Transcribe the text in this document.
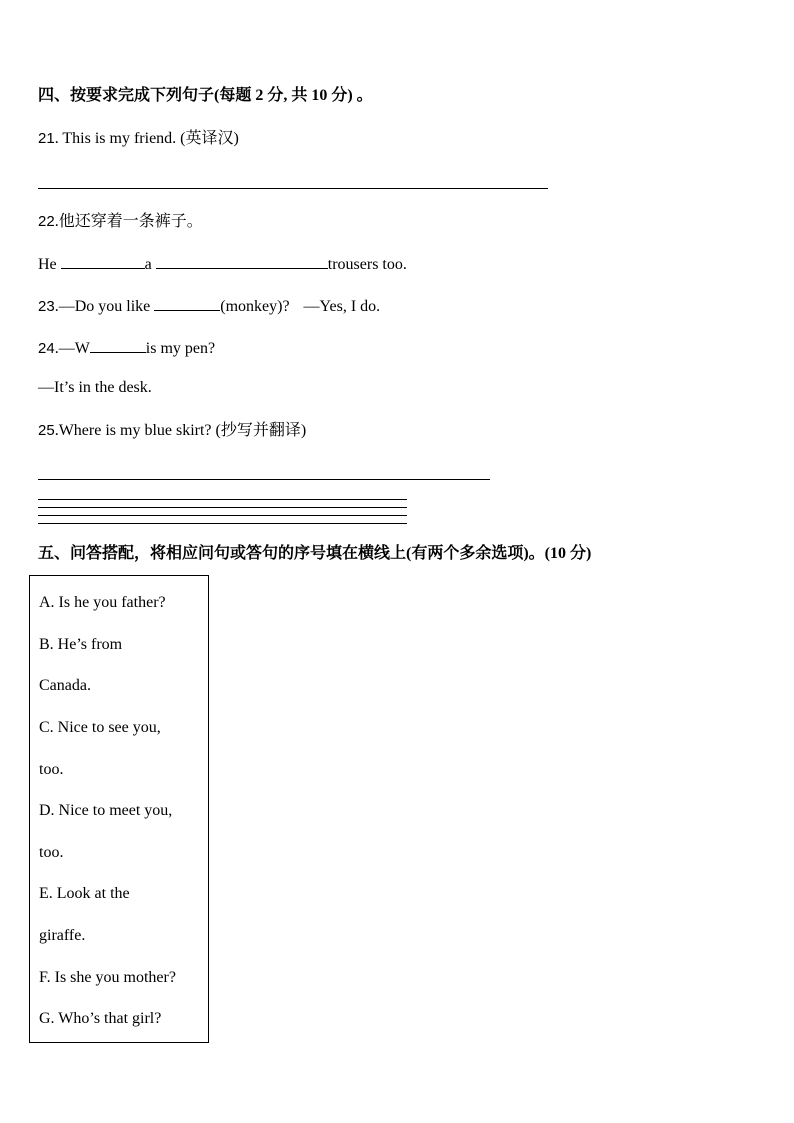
四、按要求完成下列句子(每题 2 分, 共 10 分) 。
21. This is my friend. (英译汉)
22.他还穿着一条裤子。
He	a	trousers too.
23.—Do you like	(monkey)? —Yes, I do.
24.—W	is my pen?
—It’s in the desk.
25.Where is my blue skirt? (抄写并翻译)
五、问答搭配，将相应问句或答句的序号填在横线上(有两个多余选项)。(10 分)
A. Is he you father?
B. He’s from
Canada.
C. Nice to see you,
too.
D. Nice to meet you,
too.
E. Look at the
giraffe.
F. Is she you mother?
G. Who’s that girl?
